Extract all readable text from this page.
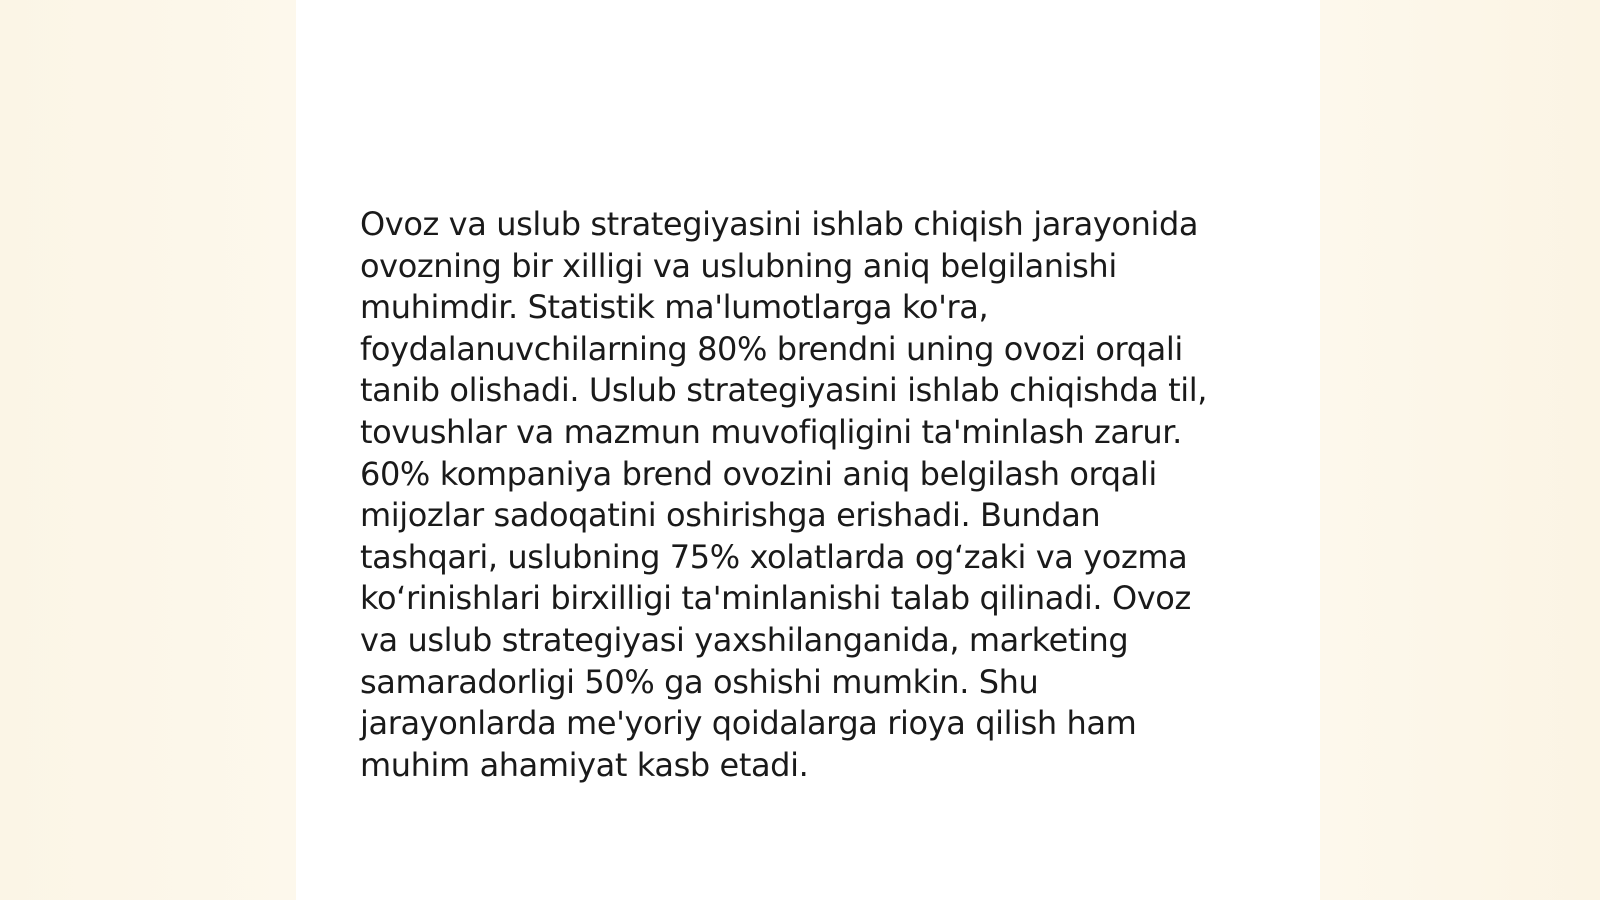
Ovoz va uslub strategiyasini ishlab chiqish jarayonida
ovozning bir xilligi va uslubning aniq belgilanishi
muhimdir. Statistik ma'lumotlarga ko'ra,
foydalanuvchilarning 80% brendni uning ovozi orqali
tanib olishadi. Uslub strategiyasini ishlab chiqishda til,
tovushlar va mazmun muvofiqligini ta'minlash zarur.
60% kompaniya brend ovozini aniq belgilash orqali
mijozlar sadoqatini oshirishga erishadi. Bundan
tashqari, uslubning 75% xolatlarda og‘zaki va yozma
ko‘rinishlari birxilligi ta'minlanishi talab qilinadi. Ovoz
va uslub strategiyasi yaxshilanganida, marketing
samaradorligi 50% ga oshishi mumkin. Shu
jarayonlarda me'yoriy qoidalarga rioya qilish ham
muhim ahamiyat kasb etadi.
